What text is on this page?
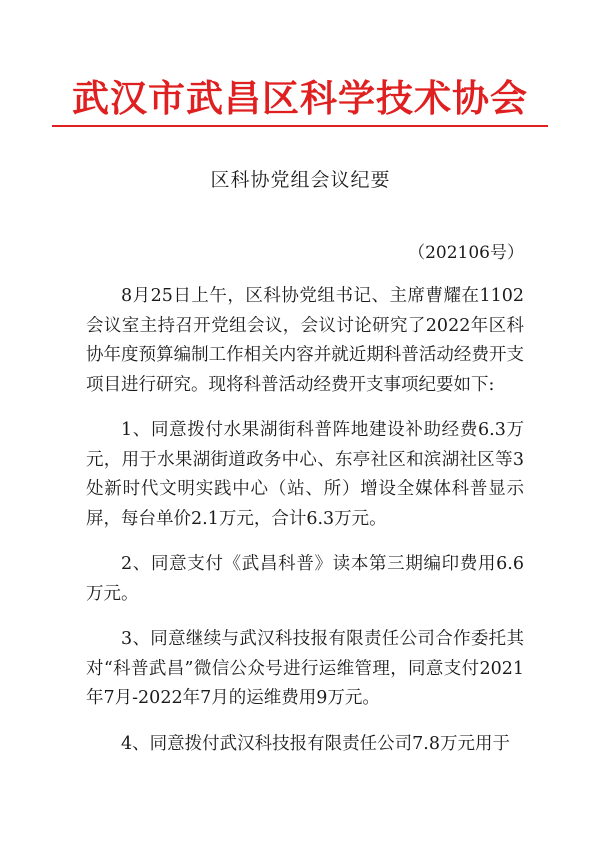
武汉市武昌区科学技术协会
区科协党组会议纪要
（202106号）

8月25日上午，区科协党组书记、主席曹耀在1102会议室主持召开党组会议，会议讨论研究了2022年区科协年度预算编制工作相关内容并就近期科普活动经费开支项目进行研究。现将科普活动经费开支事项纪要如下:

1、同意拨付水果湖街科普阵地建设补助经费6.3万元，用于水果湖街道政务中心、东亭社区和滨湖社区等3处新时代文明实践中心（站、所）增设全媒体科普显示屏，每台单价2.1万元，合计6.3万元。

2、同意支付《武昌科普》读本第三期编印费用6.6万元。

3、同意继续与武汉科技报有限责任公司合作委托其对“科普武昌”微信公众号进行运维管理，同意支付2021年7月-2022年7月的运维费用9万元。

4、同意拨付武汉科技报有限责任公司7.8万元用于
